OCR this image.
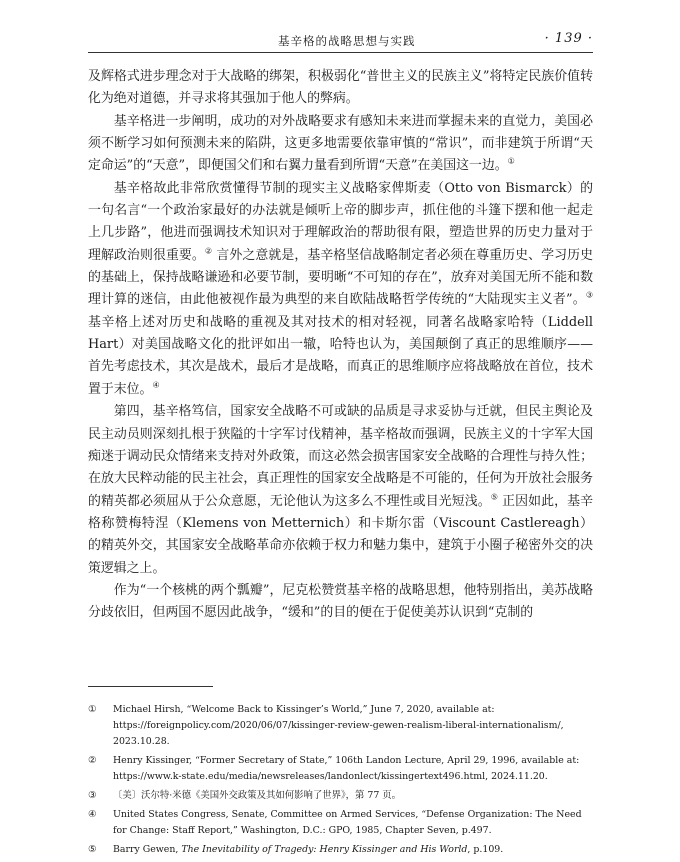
基辛格的战略思想与实践	· 139 ·

及辉格式进步理念对于大战略的绑架，积极弱化“普世主义的民族主义”将特定民族价值转化为绝对道德，并寻求将其强加于他人的弊病。

基辛格进一步阐明，成功的对外战略要求有感知未来进而掌握未来的直觉力，美国必须不断学习如何预测未来的陷阱，这更多地需要依靠审慎的“常识”，而非建筑于所谓“天定命运”的“天意”，即便国父们和右翼力量看到所谓“天意”在美国这一边。①

基辛格故此非常欣赏懂得节制的现实主义战略家俾斯麦（Otto von Bismarck）的一句名言“一个政治家最好的办法就是倾听上帝的脚步声，抓住他的斗篷下摆和他一起走上几步路”，他进而强调技术知识对于理解政治的帮助很有限，塑造世界的历史力量对于理解政治则很重要。② 言外之意就是，基辛格坚信战略制定者必须在尊重历史、学习历史的基础上，保持战略谦逊和必要节制，要明晰“不可知的存在”，放弃对美国无所不能和数理计算的迷信，由此他被视作最为典型的来自欧陆战略哲学传统的“大陆现实主义者”。③ 基辛格上述对历史和战略的重视及其对技术的相对轻视，同著名战略家哈特（Liddell Hart）对美国战略文化的批评如出一辙，哈特也认为，美国颠倒了真正的思维顺序——首先考虑技术，其次是战术，最后才是战略，而真正的思维顺序应将战略放在首位，技术置于末位。④

第四，基辛格笃信，国家安全战略不可或缺的品质是寻求妥协与迁就，但民主舆论及民主动员则深刻扎根于狭隘的十字军讨伐精神，基辛格故而强调，民族主义的十字军大国痴迷于调动民众情绪来支持对外政策，而这必然会损害国家安全战略的合理性与持久性；在放大民粹动能的民主社会，真正理性的国家安全战略是不可能的，任何为开放社会服务的精英都必须屈从于公众意愿，无论他认为这多么不理性或目光短浅。⑤ 正因如此，基辛格称赞梅特涅（Klemens von Metternich）和卡斯尔雷（Viscount Castlereagh）的精英外交，其国家安全战略革命亦依赖于权力和魅力集中，建筑于小圈子秘密外交的决策逻辑之上。

作为“一个核桃的两个瓢瓣”，尼克松赞赏基辛格的战略思想，他特别指出，美苏战略分歧依旧，但两国不愿因此战争，“缓和”的目的便在于促使美苏认识到“克制的

① Michael Hirsh, “Welcome Back to Kissinger’s World,” June 7, 2020, available at: https://foreignpolicy.com/2020/06/07/kissinger-review-gewen-realism-liberal-internationalism/, 2023.10.28.
② Henry Kissinger, “Former Secretary of State,” 106th Landon Lecture, April 29, 1996, available at: https://www.k-state.edu/media/newsreleases/landonlect/kissingertext496.html, 2024.11.20.
③ 〔美〕沃尔特·米德《美国外交政策及其如何影响了世界》，第 77 页。
④ United States Congress, Senate, Committee on Armed Services, “Defense Organization: The Need for Change: Staff Report,” Washington, D.C.: GPO, 1985, Chapter Seven, p.497.
⑤ Barry Gewen, The Inevitability of Tragedy: Henry Kissinger and His World, p.109.
